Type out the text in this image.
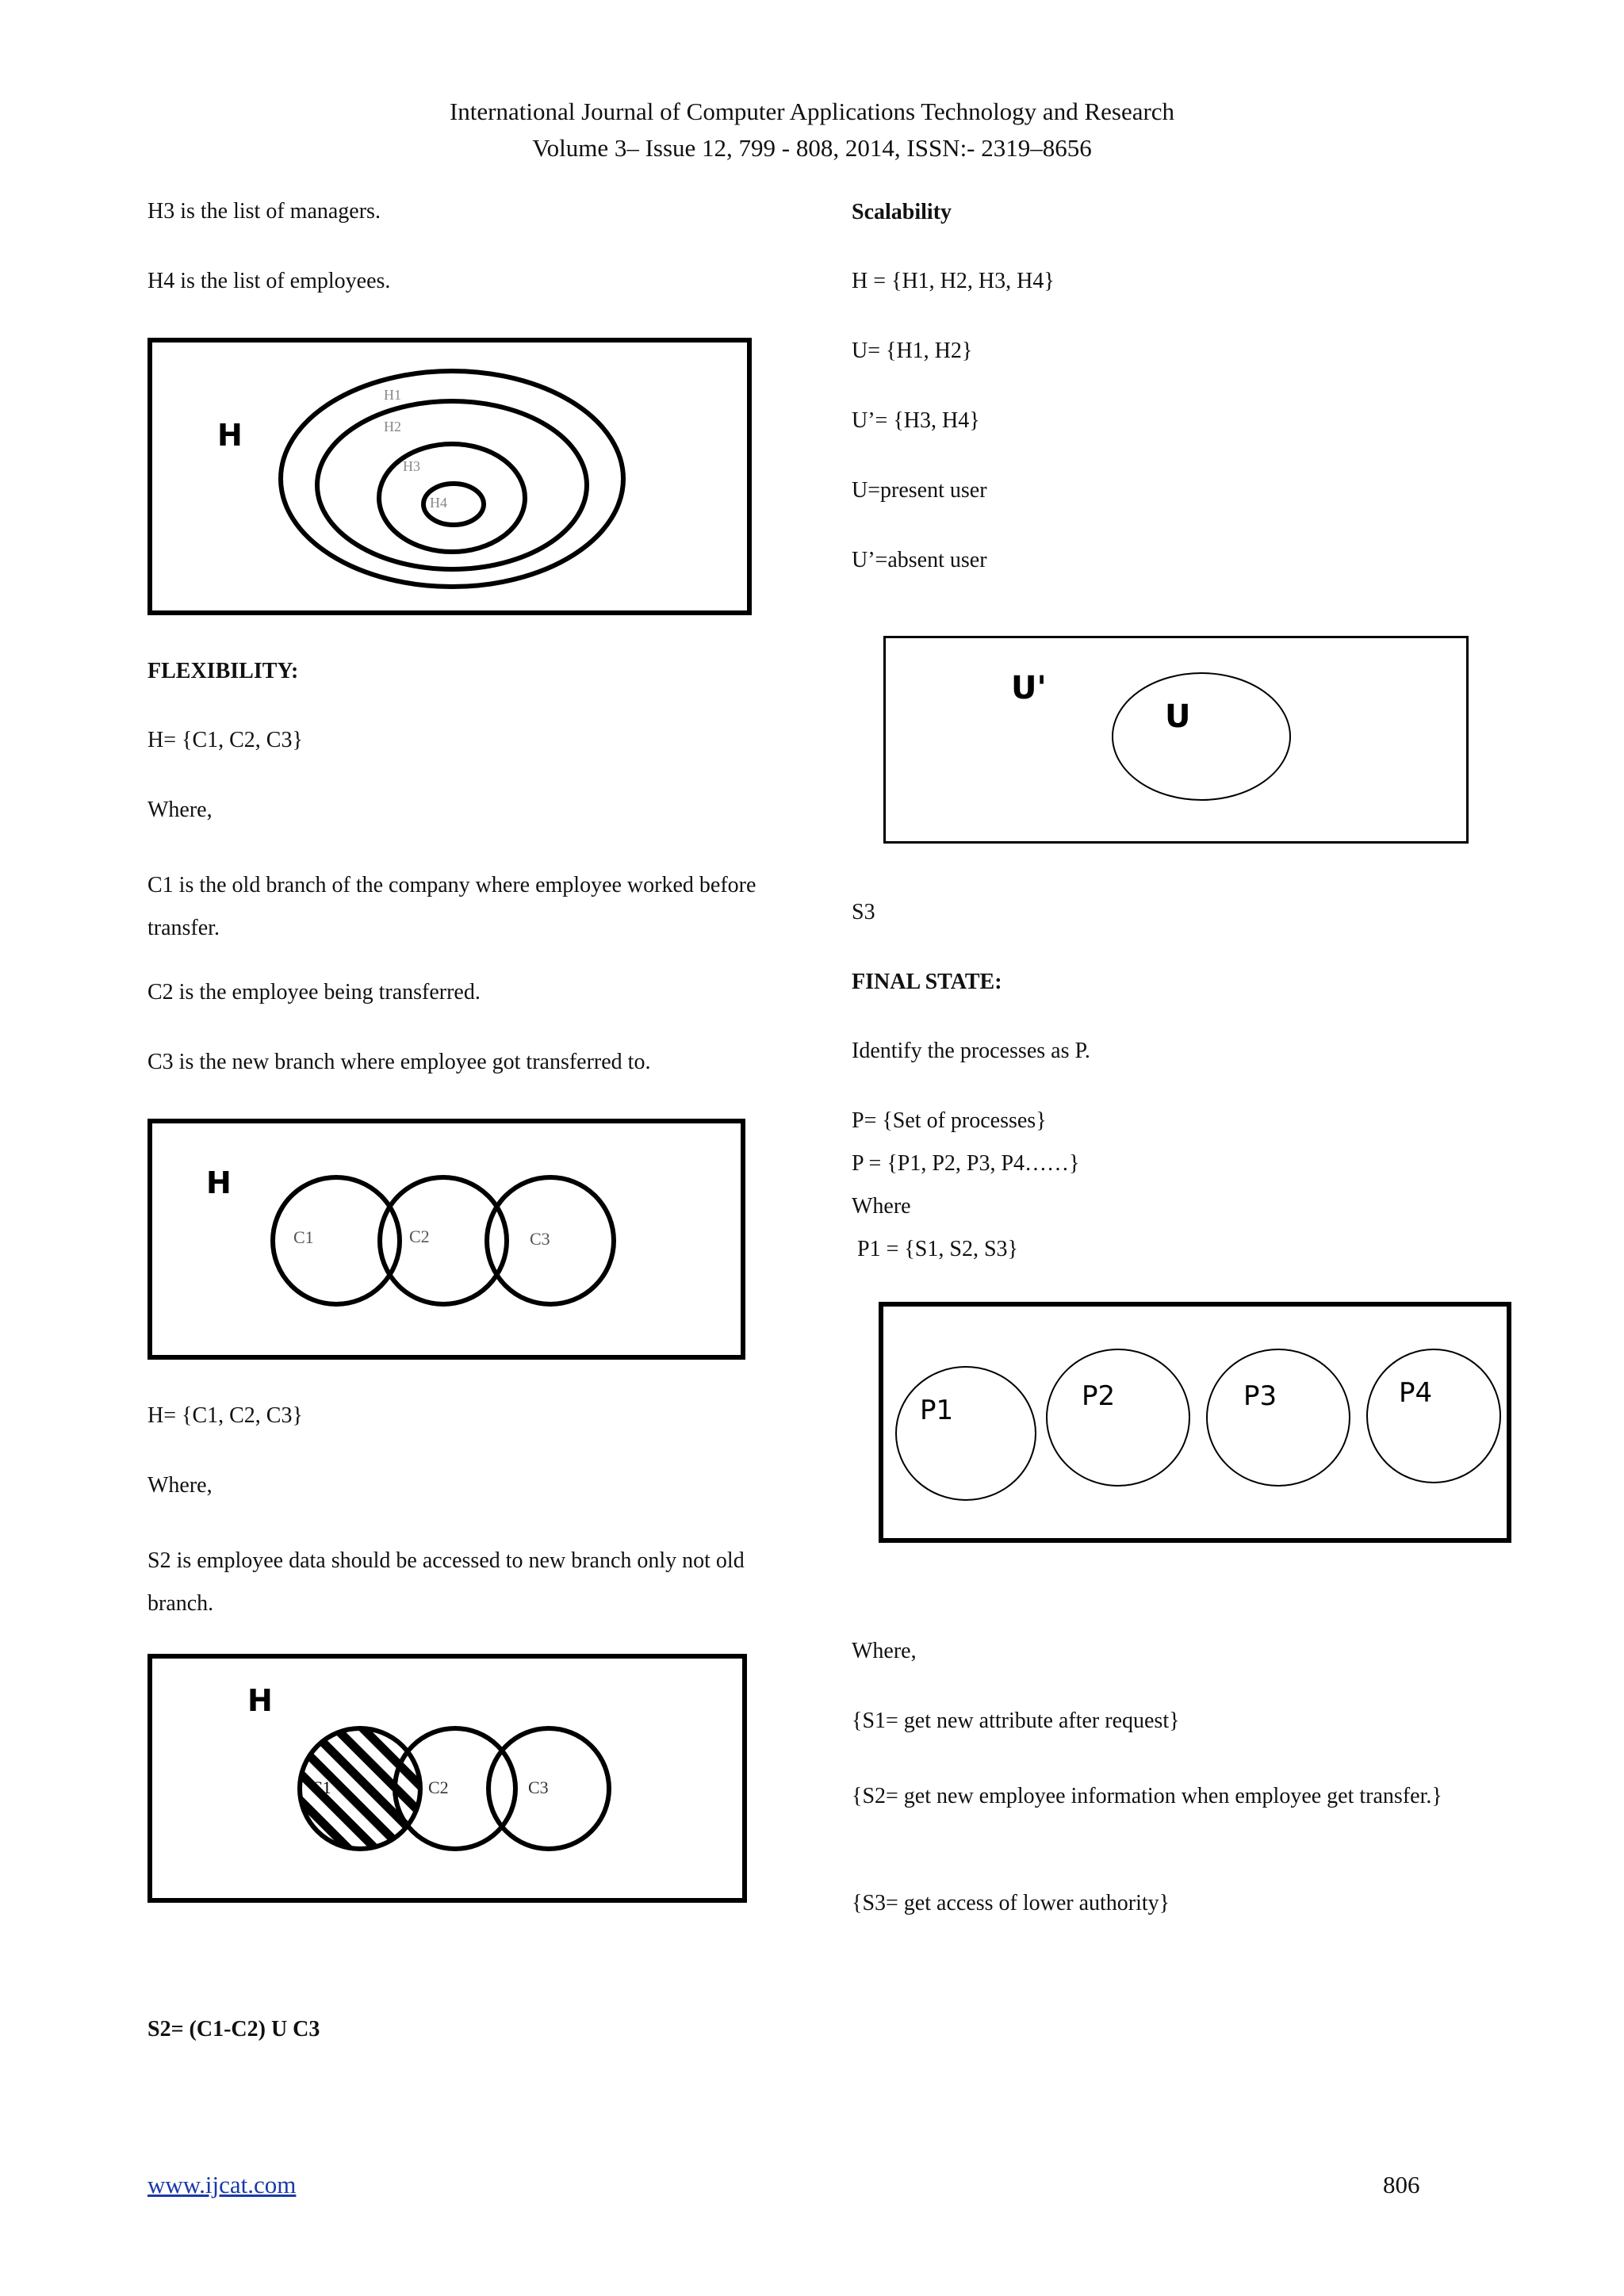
International Journal of Computer Applications Technology and Research
Volume 3– Issue 12, 799 - 808, 2014, ISSN:- 2319–8656
H3 is the list of managers.
H4 is the list of employees.
H
H1
H2
H3
H4
FLEXIBILITY:
H= {C1, C2, C3}
Where,
C1 is the old branch of the company where employee worked before transfer.
C2 is the employee being transferred.
C3 is the new branch where employee got transferred to.
H
C1	C2	C3
H= {C1, C2, C3}
Where,
S2 is employee data should be accessed to new branch only not old branch.
H
C1	C2	C3
S2= (C1-C2) U C3
Scalability
H = {H1, H2, H3, H4}
U= {H1, H2}
U’= {H3, H4}
U=present user
U’=absent user
U'
U
S3
FINAL STATE:
Identify the processes as P.
P= {Set of processes}
P = {P1, P2, P3, P4……}
Where
P1 = {S1, S2, S3}
P1	P2	P3	P4
Where,
{S1= get new attribute after request}
{S2= get new employee information when employee get transfer.}
{S3= get access of lower authority}
www.ijcat.com	806
